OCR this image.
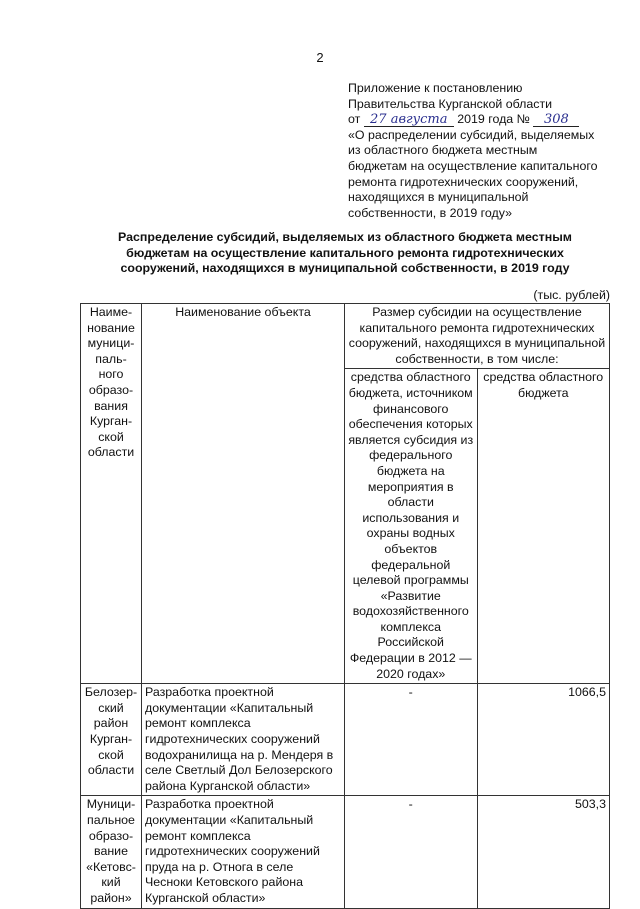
2
Приложение к постановлению
Правительства Курганской области
от 27 августа 2019 года № 308
«О распределении субсидий, выделяемых
из областного бюджета местным
бюджетам на осуществление капитального
ремонта гидротехнических сооружений,
находящихся в муниципальной
собственности, в 2019 году»
Распределение субсидий, выделяемых из областного бюджета местным
бюджетам на осуществление капитального ремонта гидротехнических
сооружений, находящихся в муниципальной собственности, в 2019 году
(тыс. рублей)
Наиме-нование муници-паль-ного образо-вания Курган-ской области	Наименование объекта	Размер субсидии на осуществление капитального ремонта гидротехнических сооружений, находящихся в муниципальной собственности, в том числе:	
		средства областного бюджета, источником финансового обеспечения которых является субсидия из федерального бюджета на мероприятия в области использования и охраны водных объектов федеральной целевой программы «Развитие водохозяйственного комплекса Российской Федерации в 2012 — 2020 годах»	средства областного бюджета
Белозер-ский район Курган-ской области	Разработка проектной документации «Капитальный ремонт комплекса гидротехнических сооружений водохранилища на р. Мендеря в селе Светлый Дол Белозерского района Курганской области»	-	1066,5
Муници-пальное образо-вание «Кетовс-кий район»	Разработка проектной документации «Капитальный ремонт комплекса гидротехнических сооружений пруда на р. Отнога в селе Чесноки Кетовского района Курганской области»	-	503,3
